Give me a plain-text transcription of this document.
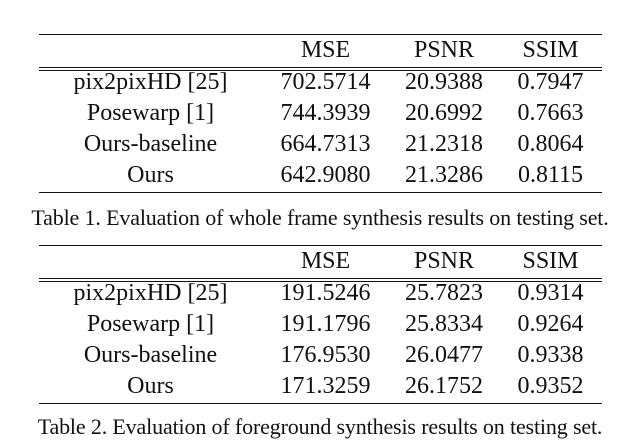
	MSE	PSNR	SSIM
pix2pixHD [25]	702.5714	20.9388	0.7947
Posewarp [1]	744.3939	20.6992	0.7663
Ours-baseline	664.7313	21.2318	0.8064
Ours	642.9080	21.3286	0.8115
Table 1. Evaluation of whole frame synthesis results on testing set.
	MSE	PSNR	SSIM
pix2pixHD [25]	191.5246	25.7823	0.9314
Posewarp [1]	191.1796	25.8334	0.9264
Ours-baseline	176.9530	26.0477	0.9338
Ours	171.3259	26.1752	0.9352
Table 2. Evaluation of foreground synthesis results on testing set.
